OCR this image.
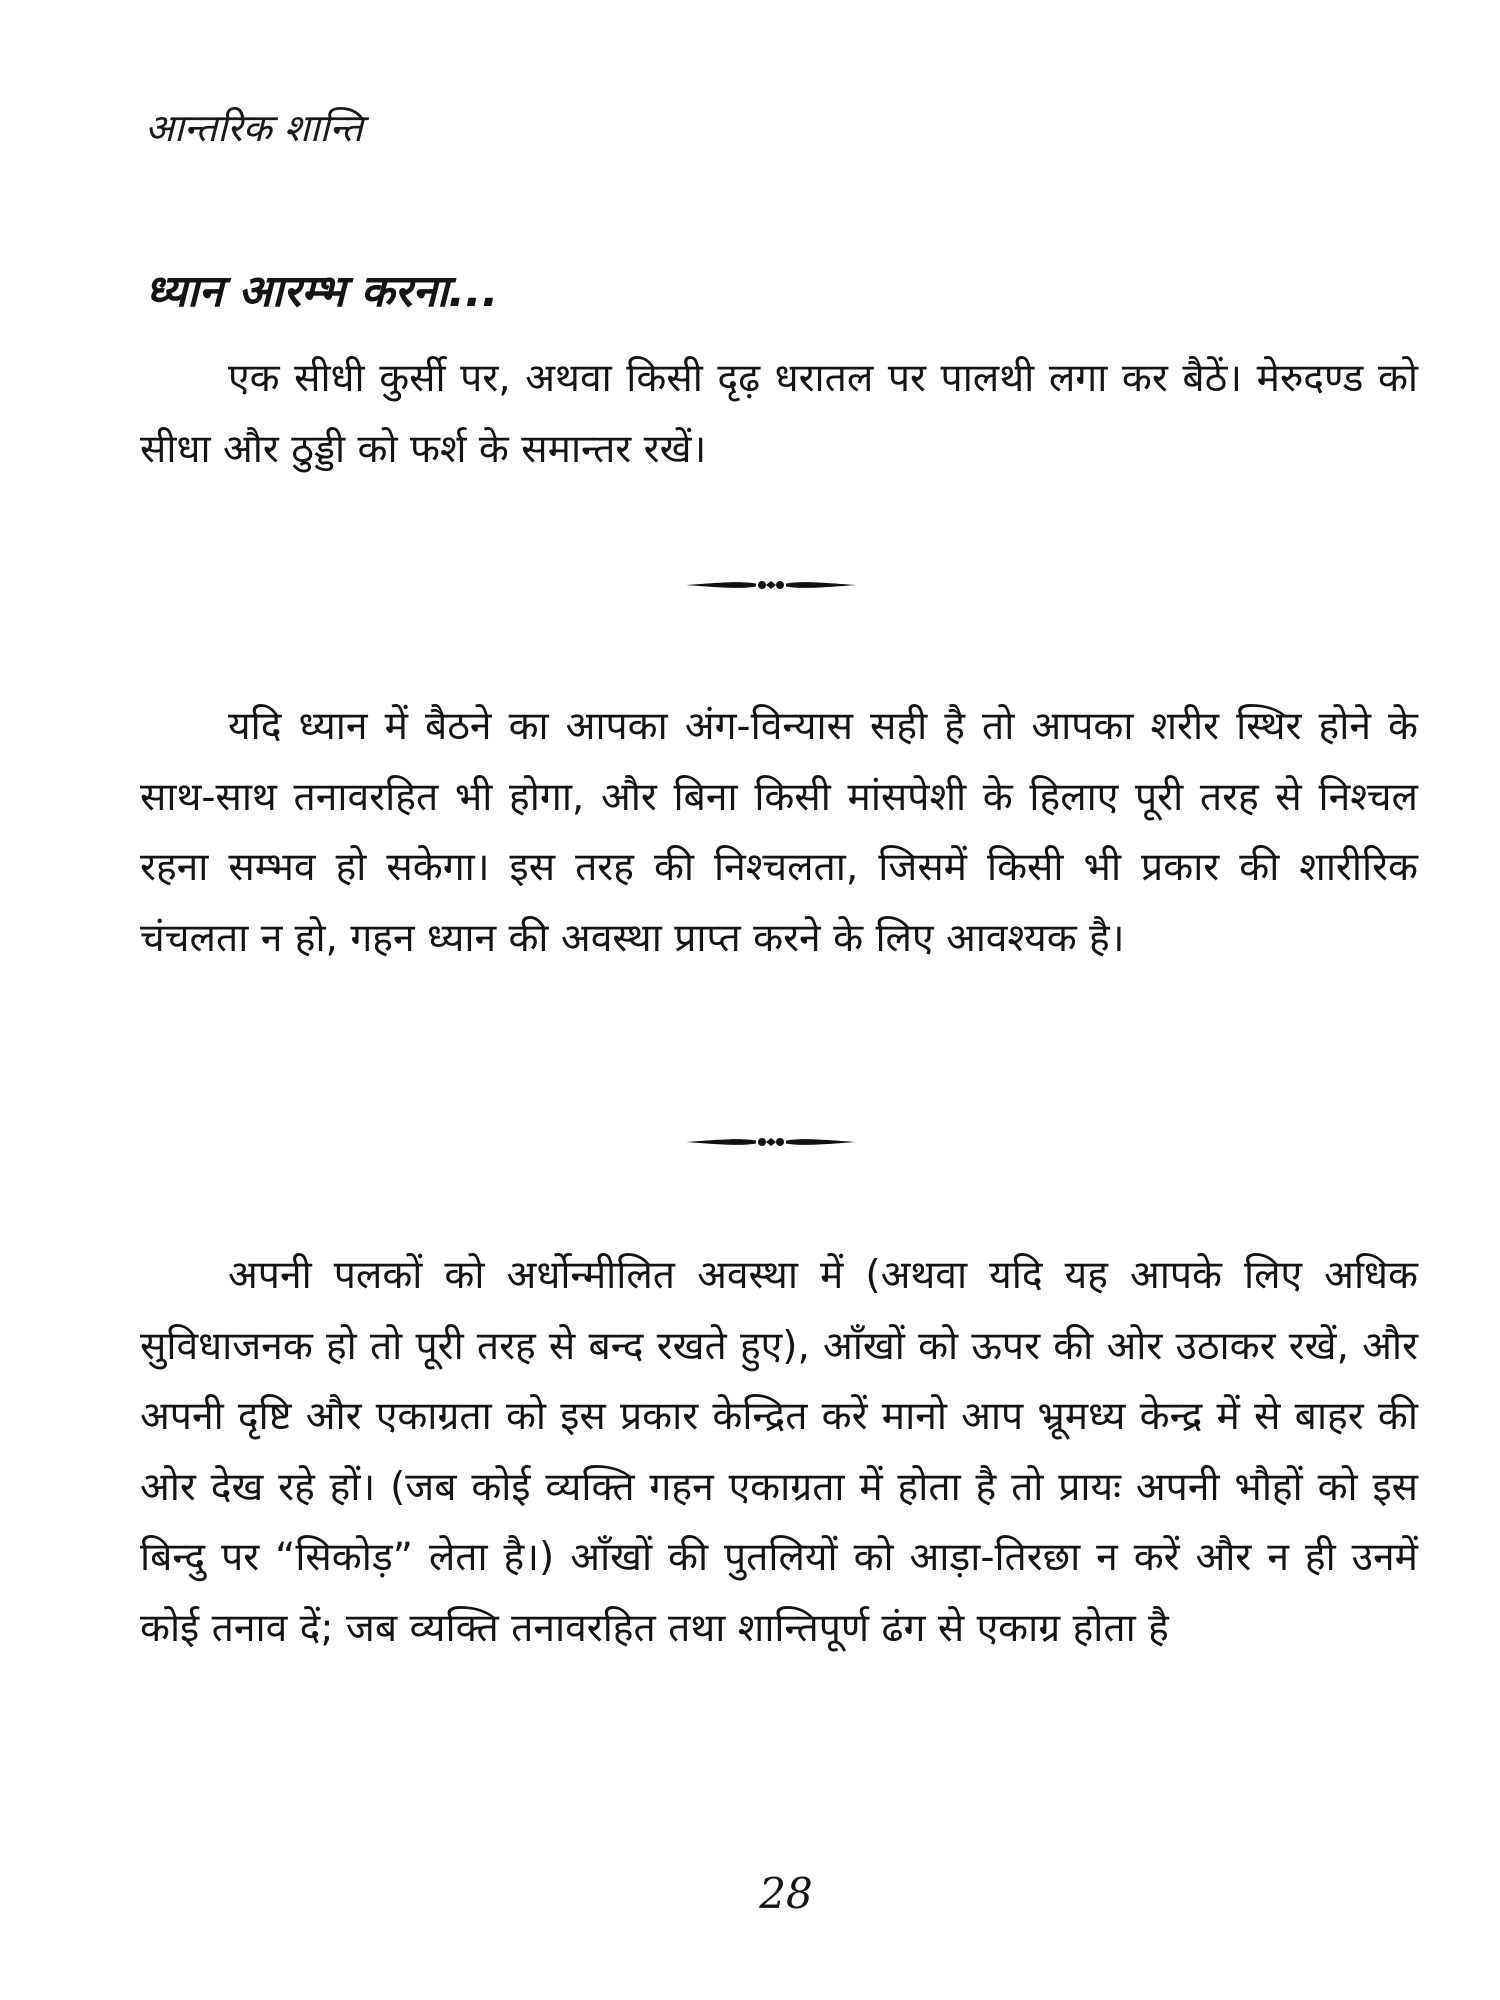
आन्तरिक शान्ति
ध्यान आरम्भ करना...

एक सीधी कुर्सी पर, अथवा किसी दृढ़ धरातल पर पालथी लगा कर बैठें। मेरुदण्ड को सीधा और ठुड्डी को फर्श के समान्तर रखें।

यदि ध्यान में बैठने का आपका अंग-विन्यास सही है तो आपका शरीर स्थिर होने के साथ-साथ तनावरहित भी होगा, और बिना किसी मांसपेशी के हिलाए पूरी तरह से निश्चल रहना सम्भव हो सकेगा। इस तरह की निश्चलता, जिसमें किसी भी प्रकार की शारीरिक चंचलता न हो, गहन ध्यान की अवस्था प्राप्त करने के लिए आवश्यक है।

अपनी पलकों को अर्धोन्मीलित अवस्था में (अथवा यदि यह आपके लिए अधिक सुविधाजनक हो तो पूरी तरह से बन्द रखते हुए), आँखों को ऊपर की ओर उठाकर रखें, और अपनी दृष्टि और एकाग्रता को इस प्रकार केन्द्रित करें मानो आप भ्रूमध्य केन्द्र में से बाहर की ओर देख रहे हों। (जब कोई व्यक्ति गहन एकाग्रता में होता है तो प्रायः अपनी भौहों को इस बिन्दु पर “सिकोड़” लेता है।) आँखों की पुतलियों को आड़ा-तिरछा न करें और न ही उनमें कोई तनाव दें; जब व्यक्ति तनावरहित तथा शान्तिपूर्ण ढंग से एकाग्र होता है

28
